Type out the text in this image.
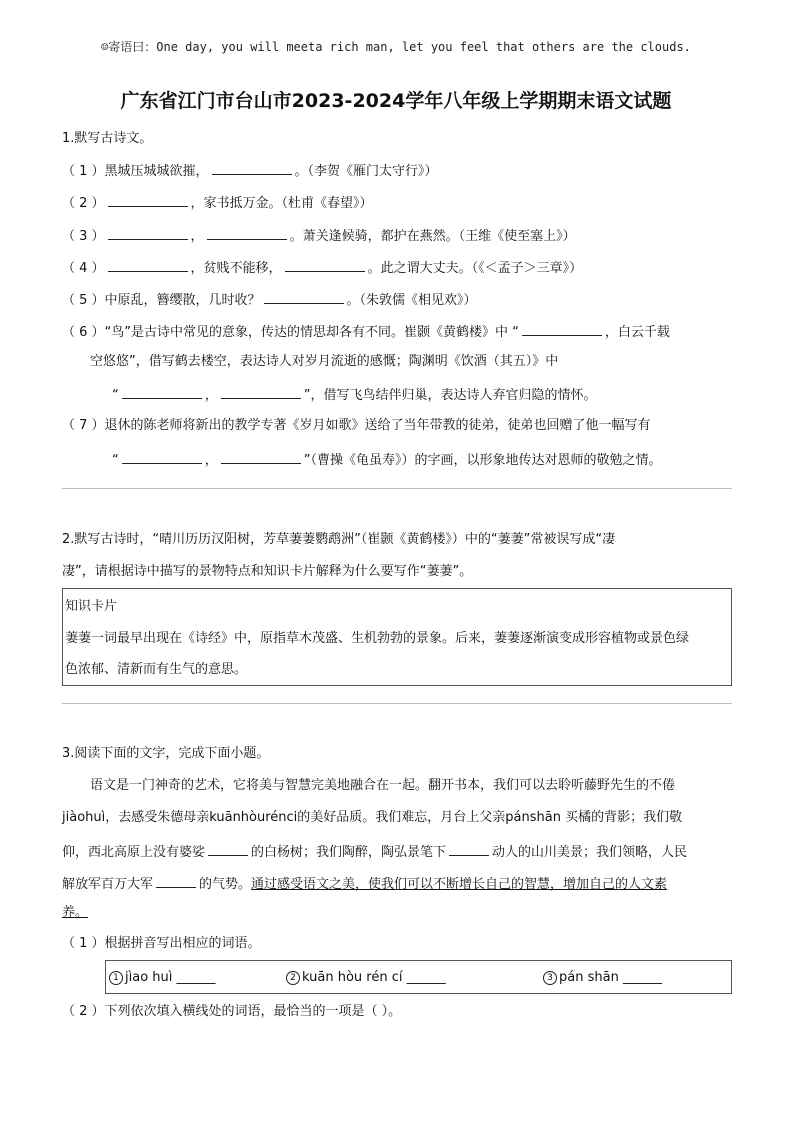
☺寄语曰：One day, you will meeta rich man, let you feel that others are the clouds.
广东省江门市台山市2023-2024学年八年级上学期期末语文试题
1.默写古诗文。
（ 1 ）黑城压城城欲摧，	。（李贺《雁门太守行》）
（ 2 ）	，家书抵万金。（杜甫《春望》）
（ 3 ）	，	。萧关逢候骑，都护在燕然。（王维《使至塞上》）
（ 4 ）	，贫贱不能移，	。此之谓大丈夫。（《＜孟子＞三章》）
（ 5 ）中原乱，簪缨散，几时收？	。（朱敦儒《相见欢》）
（ 6 ）“鸟”是古诗中常见的意象，传达的情思却各有不同。崔颢《黄鹤楼》中 “	，白云千载
空悠悠”，借写鹤去楼空，表达诗人对岁月流逝的感慨；陶渊明《饮酒（其五）》中
“	，	”，借写飞鸟结伴归巢，表达诗人弃官归隐的情怀。
（ 7 ）退休的陈老师将新出的教学专著《岁月如歌》送给了当年带教的徒弟，徒弟也回赠了他一幅写有
“	，	”（曹操《龟虽寿》）的字画，以形象地传达对恩师的敬勉之情。
2.默写古诗时，“晴川历历汉阳树，芳草萋萋鹦鹉洲”（崔颢《黄鹤楼》）中的“萋萋”常被误写成“凄
凄”，请根据诗中描写的景物特点和知识卡片解释为什么要写作“萋萋”。
知识卡片
萋萋一词最早出现在《诗经》中，原指草木茂盛、生机勃勃的景象。后来，萋萋逐渐演变成形容植物或景色绿
色浓郁、清新而有生气的意思。
3.阅读下面的文字，完成下面小题。
语文是一门神奇的艺术，它将美与智慧完美地融合在一起。翻开书本，我们可以去聆听藤野先生的不倦
jiàohuì，去感受朱德母亲kuānhòurénci的美好品质。我们难忘，月台上父亲pánshān 买橘的背影；我们敬
仰，西北高原上没有婆娑	的白杨树；我们陶醉，陶弘景笔下	动人的山川美景；我们领略，人民
解放军百万大军	的气势。通过感受语文之美，使我们可以不断增长自己的智慧，增加自己的人文素
养。
（ 1 ）根据拼音写出相应的词语。
1 jìao huì ______	2 kuān hòu rén cí ______	3 pán shān ______
（ 2 ）下列依次填入横线处的词语，最恰当的一项是（ ）。
